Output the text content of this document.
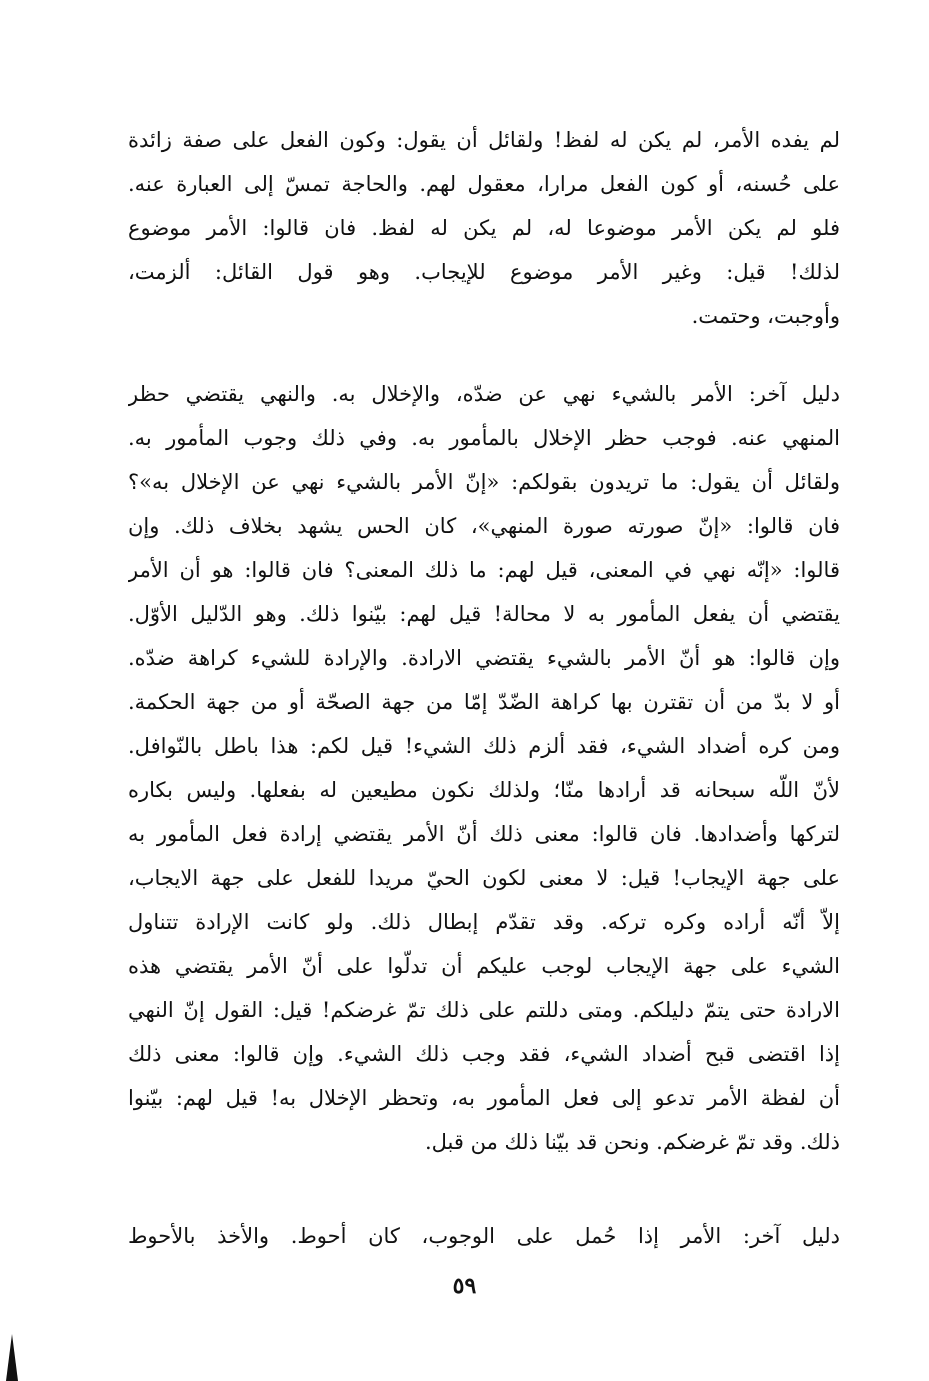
لم يفده الأمر، لم يكن له لفظ! ولقائل أن يقول: وكون الفعل على صفة زائدة
على حُسنه، أو كون الفعل مرارا، معقول لهم. والحاجة تمسّ إلى العبارة عنه.
فلو لم يكن الأمر موضوعا له، لم يكن له لفظ. فان قالوا: الأمر موضوع
لذلك! قيل: وغير الأمر موضوع للإيجاب. وهو قول القائل: ألزمت،
وأوجبت، وحتمت.
دليل آخر: الأمر بالشيء نهي عن ضدّه، والإخلال به. والنهي يقتضي حظر
المنهي عنه. فوجب حظر الإخلال بالمأمور به. وفي ذلك وجوب المأمور به.
ولقائل أن يقول: ما تريدون بقولكم: «إنّ الأمر بالشيء نهي عن الإخلال به»؟
فان قالوا: «إنّ صورته صورة المنهي»، كان الحس يشهد بخلاف ذلك. وإن
قالوا: «إنّه نهي في المعنى، قيل لهم: ما ذلك المعنى؟ فان قالوا: هو أن الأمر
يقتضي أن يفعل المأمور به لا محالة! قيل لهم: بيّنوا ذلك. وهو الدّليل الأوّل.
وإن قالوا: هو أنّ الأمر بالشيء يقتضي الارادة. والإرادة للشيء كراهة ضدّه.
أو لا بدّ من أن تقترن بها كراهة الضّدّ إمّا من جهة الصحّة أو من جهة الحكمة.
ومن كره أضداد الشيء، فقد ألزم ذلك الشيء! قيل لكم: هذا باطل بالنّوافل.
لأنّ اللّه سبحانه قد أرادها منّا؛ ولذلك نكون مطيعين له بفعلها. وليس بكاره
لتركها وأضدادها. فان قالوا: معنى ذلك أنّ الأمر يقتضي إرادة فعل المأمور به
على جهة الإيجاب! قيل: لا معنى لكون الحيّ مريدا للفعل على جهة الايجاب،
إلاّ أنّه أراده وكره تركه. وقد تقدّم إبطال ذلك. ولو كانت الإرادة تتناول
الشيء على جهة الإيجاب لوجب عليكم أن تدلّوا على أنّ الأمر يقتضي هذه
الارادة حتى يتمّ دليلكم. ومتى دللتم على ذلك تمّ غرضكم! قيل: القول إنّ النهي
إذا اقتضى قبح أضداد الشيء، فقد وجب ذلك الشيء. وإن قالوا: معنى ذلك
أن لفظة الأمر تدعو إلى فعل المأمور به، وتحظر الإخلال به! قيل لهم: بيّنوا
ذلك. وقد تمّ غرضكم. ونحن قد بيّنا ذلك من قبل.
دليل آخر: الأمر إذا حُمل على الوجوب، كان أحوط. والأخذ بالأحوط
٥٩
